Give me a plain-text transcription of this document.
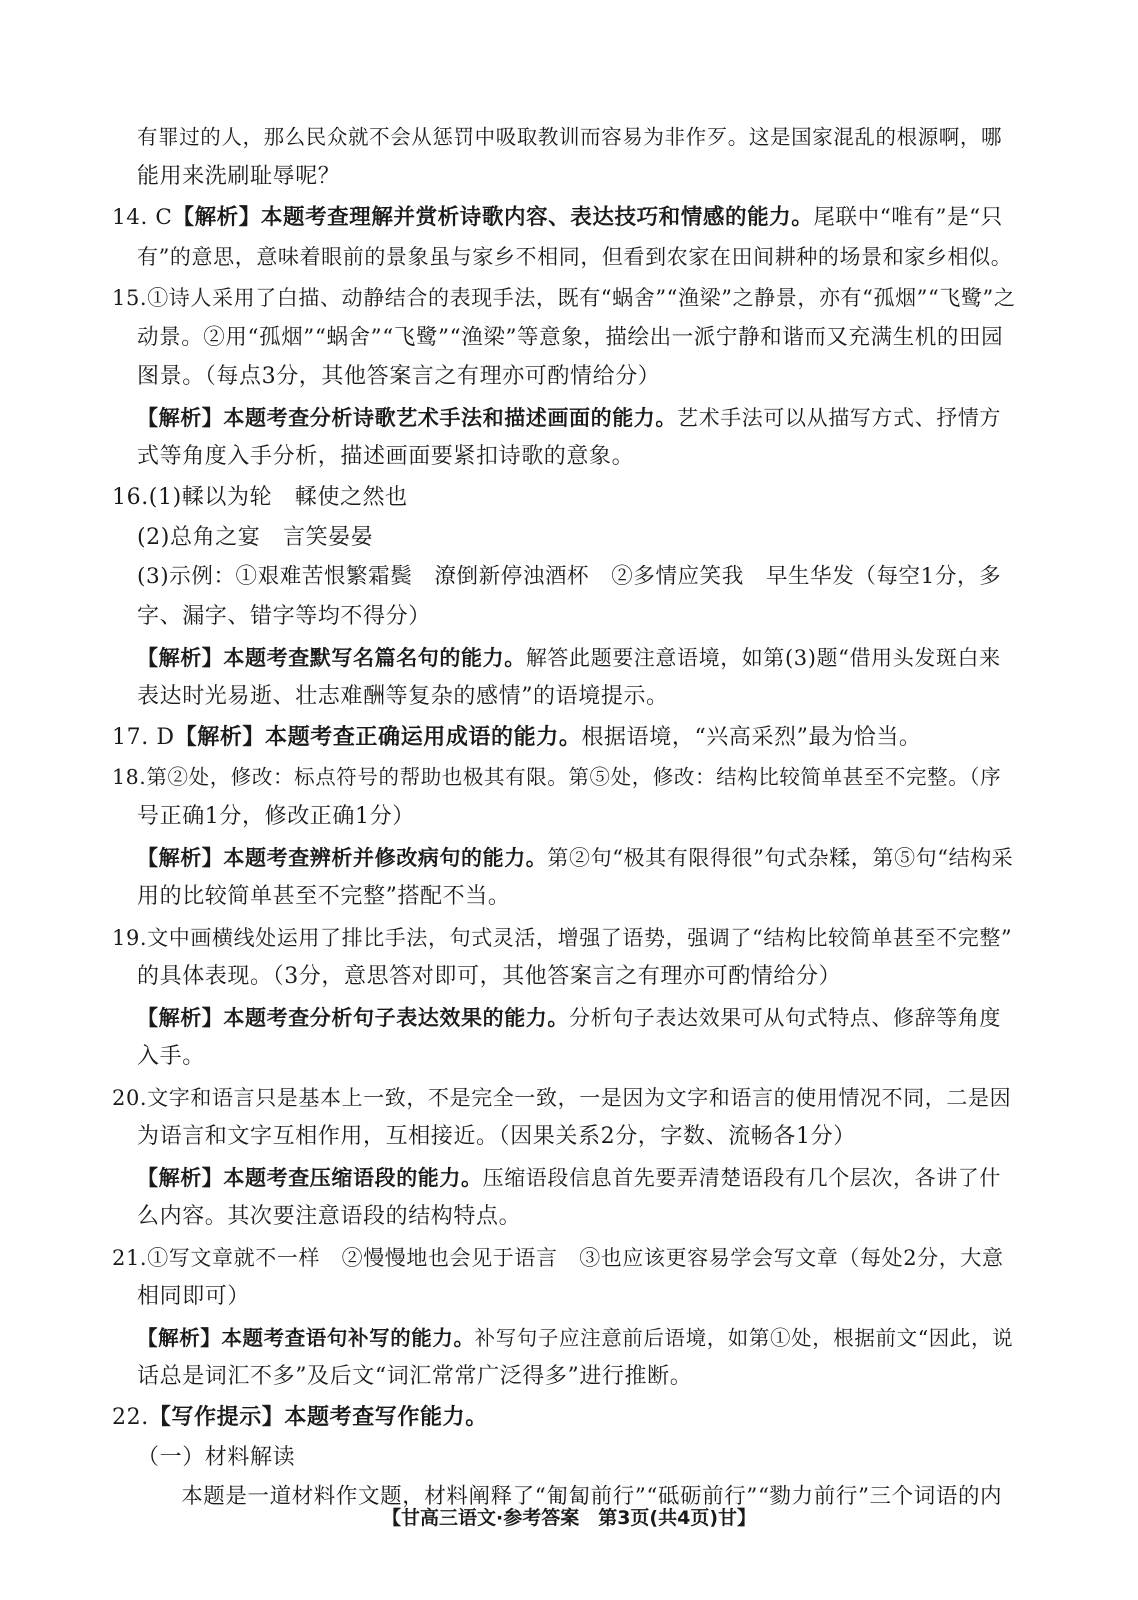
有罪过的人，那么民众就不会从惩罚中吸取教训而容易为非作歹。这是国家混乱的根源啊，哪
能用来洗刷耻辱呢？
14. C【解析】本题考查理解并赏析诗歌内容、表达技巧和情感的能力。尾联中“唯有”是“只
有”的意思，意味着眼前的景象虽与家乡不相同，但看到农家在田间耕种的场景和家乡相似。
15.①诗人采用了白描、动静结合的表现手法，既有“蜗舍”“渔梁”之静景，亦有“孤烟”“飞鹭”之
动景。②用“孤烟”“蜗舍”“飞鹭”“渔梁”等意象，描绘出一派宁静和谐而又充满生机的田园
图景。（每点3分，其他答案言之有理亦可酌情给分）
【解析】本题考查分析诗歌艺术手法和描述画面的能力。艺术手法可以从描写方式、抒情方
式等角度入手分析，描述画面要紧扣诗歌的意象。
16.(1)輮以为轮　輮使之然也
(2)总角之宴　言笑晏晏
(3)示例：①艰难苦恨繁霜鬓　潦倒新停浊酒杯　②多情应笑我　早生华发（每空1分，多
字、漏字、错字等均不得分）
【解析】本题考查默写名篇名句的能力。解答此题要注意语境，如第(3)题“借用头发斑白来
表达时光易逝、壮志难酬等复杂的感情”的语境提示。
17. D【解析】本题考查正确运用成语的能力。根据语境，“兴高采烈”最为恰当。
18.第②处，修改：标点符号的帮助也极其有限。第⑤处，修改：结构比较简单甚至不完整。（序
号正确1分，修改正确1分）
【解析】本题考查辨析并修改病句的能力。第②句“极其有限得很”句式杂糅，第⑤句“结构采
用的比较简单甚至不完整”搭配不当。
19.文中画横线处运用了排比手法，句式灵活，增强了语势，强调了“结构比较简单甚至不完整”
的具体表现。（3分，意思答对即可，其他答案言之有理亦可酌情给分）
【解析】本题考查分析句子表达效果的能力。分析句子表达效果可从句式特点、修辞等角度
入手。
20.文字和语言只是基本上一致，不是完全一致，一是因为文字和语言的使用情况不同，二是因
为语言和文字互相作用，互相接近。（因果关系2分，字数、流畅各1分）
【解析】本题考查压缩语段的能力。压缩语段信息首先要弄清楚语段有几个层次，各讲了什
么内容。其次要注意语段的结构特点。
21.①写文章就不一样　②慢慢地也会见于语言　③也应该更容易学会写文章（每处2分，大意
相同即可）
【解析】本题考查语句补写的能力。补写句子应注意前后语境，如第①处，根据前文“因此，说
话总是词汇不多”及后文“词汇常常广泛得多”进行推断。
22.【写作提示】本题考查写作能力。
（一）材料解读
　　本题是一道材料作文题，材料阐释了“匍匐前行”“砥砺前行”“勠力前行”三个词语的内
【甘高三语文·参考答案　第3页(共4页)甘】
